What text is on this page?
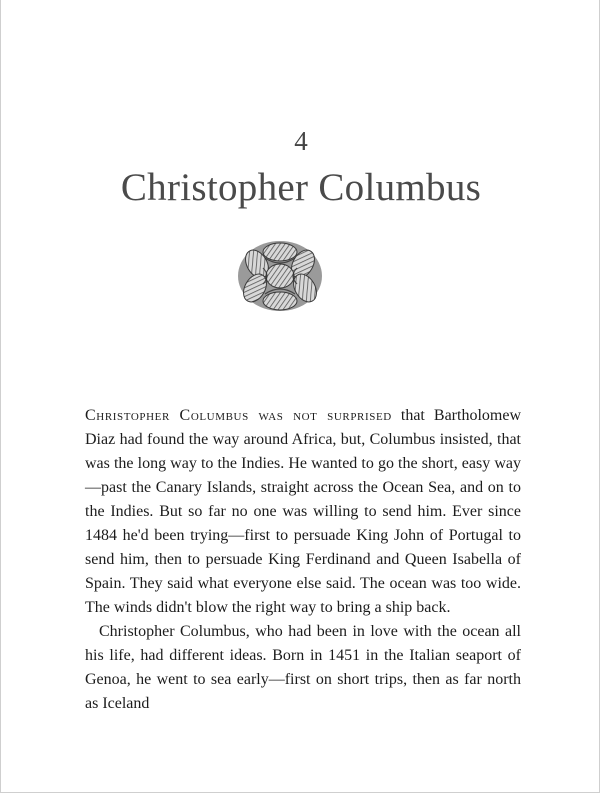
4
Christopher Columbus

Christopher Columbus was not surprised that Bartholomew Diaz had found the way around Africa, but, Columbus insisted, that was the long way to the Indies. He wanted to go the short, easy way—past the Canary Islands, straight across the Ocean Sea, and on to the Indies. But so far no one was willing to send him. Ever since 1484 he'd been trying—first to persuade King John of Portugal to send him, then to persuade King Ferdinand and Queen Isabella of Spain. They said what everyone else said. The ocean was too wide. The winds didn't blow the right way to bring a ship back.

Christopher Columbus, who had been in love with the ocean all his life, had different ideas. Born in 1451 in the Italian seaport of Genoa, he went to sea early—first on short trips, then as far north as Iceland
